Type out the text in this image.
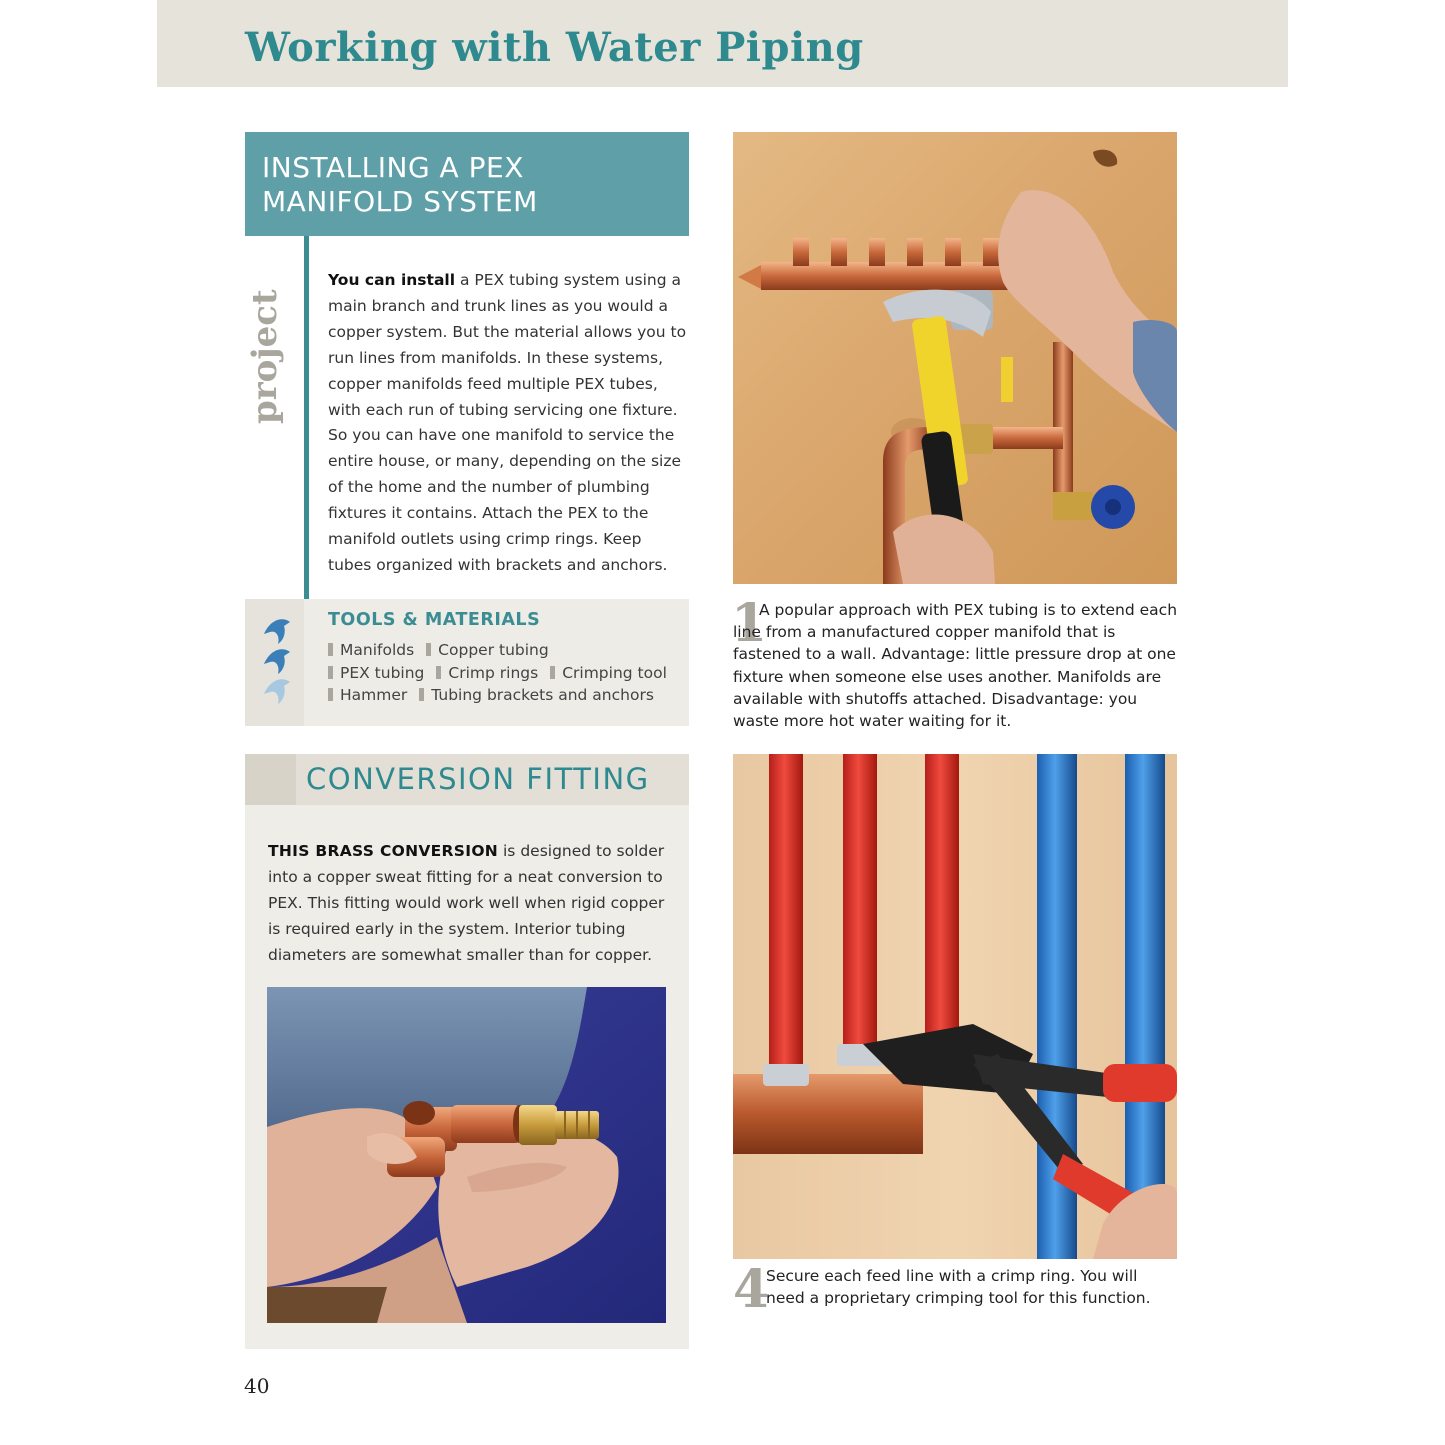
Working with Water Piping
INSTALLING A PEX
MANIFOLD SYSTEM
project
You can install a PEX tubing system using a main branch and trunk lines as you would a copper system. But the material allows you to run lines from manifolds. In these systems, copper manifolds feed multiple PEX tubes, with each run of tubing servicing one fixture. So you can have one manifold to service the entire house, or many, depending on the size of the home and the number of plumbing fixtures it contains. Attach the PEX to the manifold outlets using crimp rings. Keep tubes organized with brackets and anchors.
TOOLS & MATERIALS
Manifolds Copper tubing
PEX tubing Crimp rings Crimping tool
Hammer Tubing brackets and anchors
CONVERSION FITTING
THIS BRASS CONVERSION is designed to solder into a copper sweat fitting for a neat conversion to PEX. This fitting would work well when rigid copper is required early in the system. Interior tubing diameters are somewhat smaller than for copper.
1
A popular approach with PEX tubing is to extend each line from a manufactured copper manifold that is fastened to a wall. Advantage: little pressure drop at one fixture when someone else uses another. Manifolds are available with shutoffs attached. Disadvantage: you waste more hot water waiting for it.
4
Secure each feed line with a crimp ring. You will need a proprietary crimping tool for this function.
40
